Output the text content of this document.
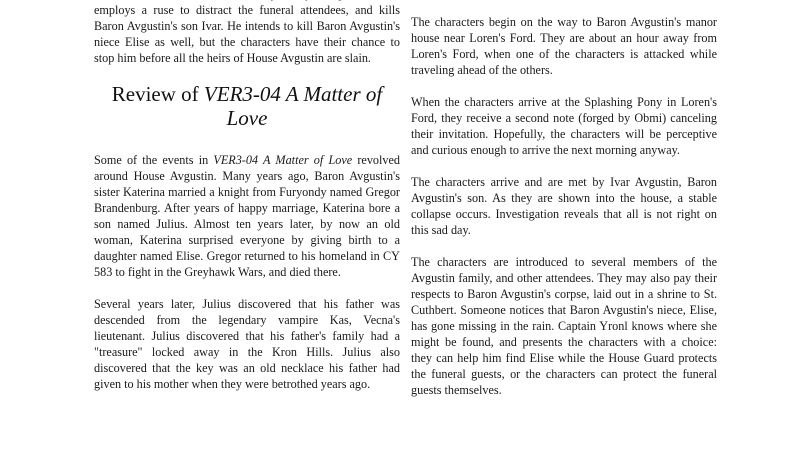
employs a ruse to distract the funeral attendees, and kills Baron Avgustin's son Ivar. He intends to kill Baron Avgustin's niece Elise as well, but the characters have their chance to stop him before all the heirs of House Avgustin are slain.

Review of VER3-04 A Matter of Love

Some of the events in VER3-04 A Matter of Love revolved around House Avgustin. Many years ago, Baron Avgustin's sister Katerina married a knight from Furyondy named Gregor Brandenburg. After years of happy marriage, Katerina bore a son named Julius. Almost ten years later, by now an old woman, Katerina surprised everyone by giving birth to a daughter named Elise. Gregor returned to his homeland in CY 583 to fight in the Greyhawk Wars, and died there.

Several years later, Julius discovered that his father was descended from the legendary vampire Kas, Vecna's lieutenant. Julius discovered that his father's family had a "treasure" locked away in the Kron Hills. Julius also discovered that the key was an old necklace his father had given to his mother when they were betrothed years ago.

The characters begin on the way to Baron Avgustin's manor house near Loren's Ford. They are about an hour away from Loren's Ford, when one of the characters is attacked while traveling ahead of the others.

When the characters arrive at the Splashing Pony in Loren's Ford, they receive a second note (forged by Obmi) canceling their invitation. Hopefully, the characters will be perceptive and curious enough to arrive the next morning anyway.

The characters arrive and are met by Ivar Avgustin, Baron Avgustin's son. As they are shown into the house, a stable collapse occurs. Investigation reveals that all is not right on this sad day.

The characters are introduced to several members of the Avgustin family, and other attendees. They may also pay their respects to Baron Avgustin's corpse, laid out in a shrine to St. Cuthbert. Someone notices that Baron Avgustin's niece, Elise, has gone missing in the rain. Captain Yronl knows where she might be found, and presents the characters with a choice: they can help him find Elise while the House Guard protects the funeral guests, or the characters can protect the funeral guests themselves.
